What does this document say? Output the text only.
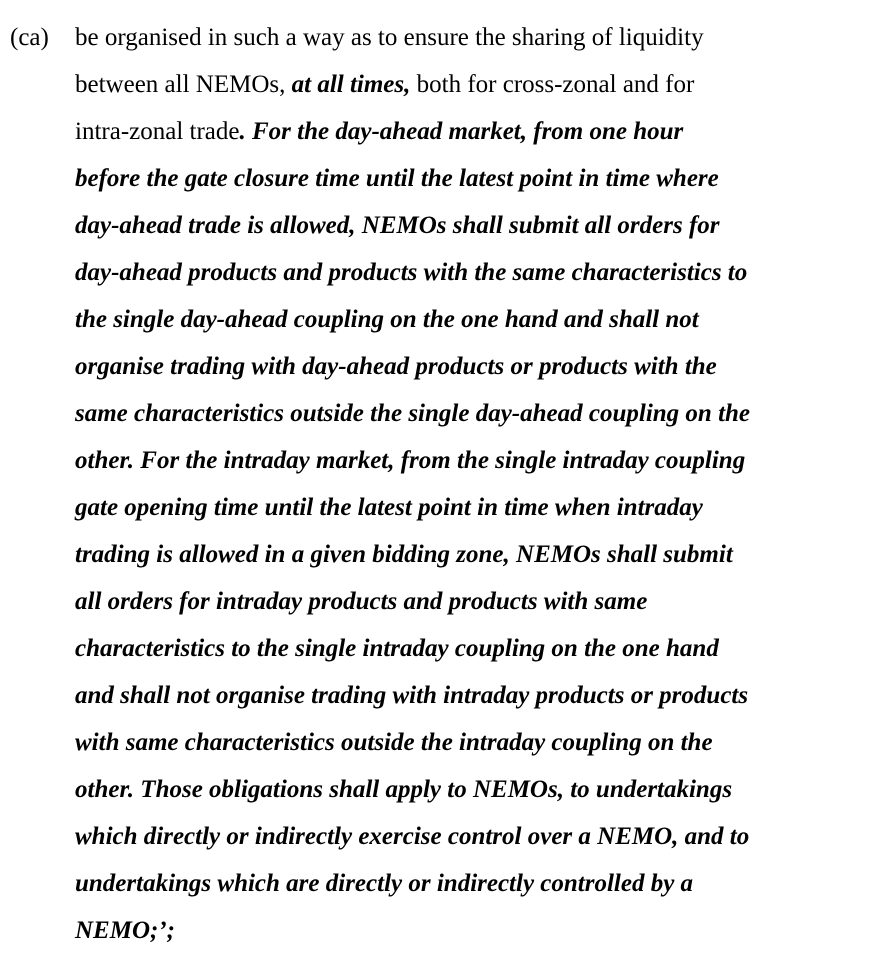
(ca) be organised in such a way as to ensure the sharing of liquidity
between all NEMOs, at all times, both for cross-zonal and for
intra-zonal trade. For the day-ahead market, from one hour
before the gate closure time until the latest point in time where
day-ahead trade is allowed, NEMOs shall submit all orders for
day-ahead products and products with the same characteristics to
the single day-ahead coupling on the one hand and shall not
organise trading with day-ahead products or products with the
same characteristics outside the single day-ahead coupling on the
other. For the intraday market, from the single intraday coupling
gate opening time until the latest point in time when intraday
trading is allowed in a given bidding zone, NEMOs shall submit
all orders for intraday products and products with same
characteristics to the single intraday coupling on the one hand
and shall not organise trading with intraday products or products
with same characteristics outside the intraday coupling on the
other. Those obligations shall apply to NEMOs, to undertakings
which directly or indirectly exercise control over a NEMO, and to
undertakings which are directly or indirectly controlled by a
NEMO;’;
